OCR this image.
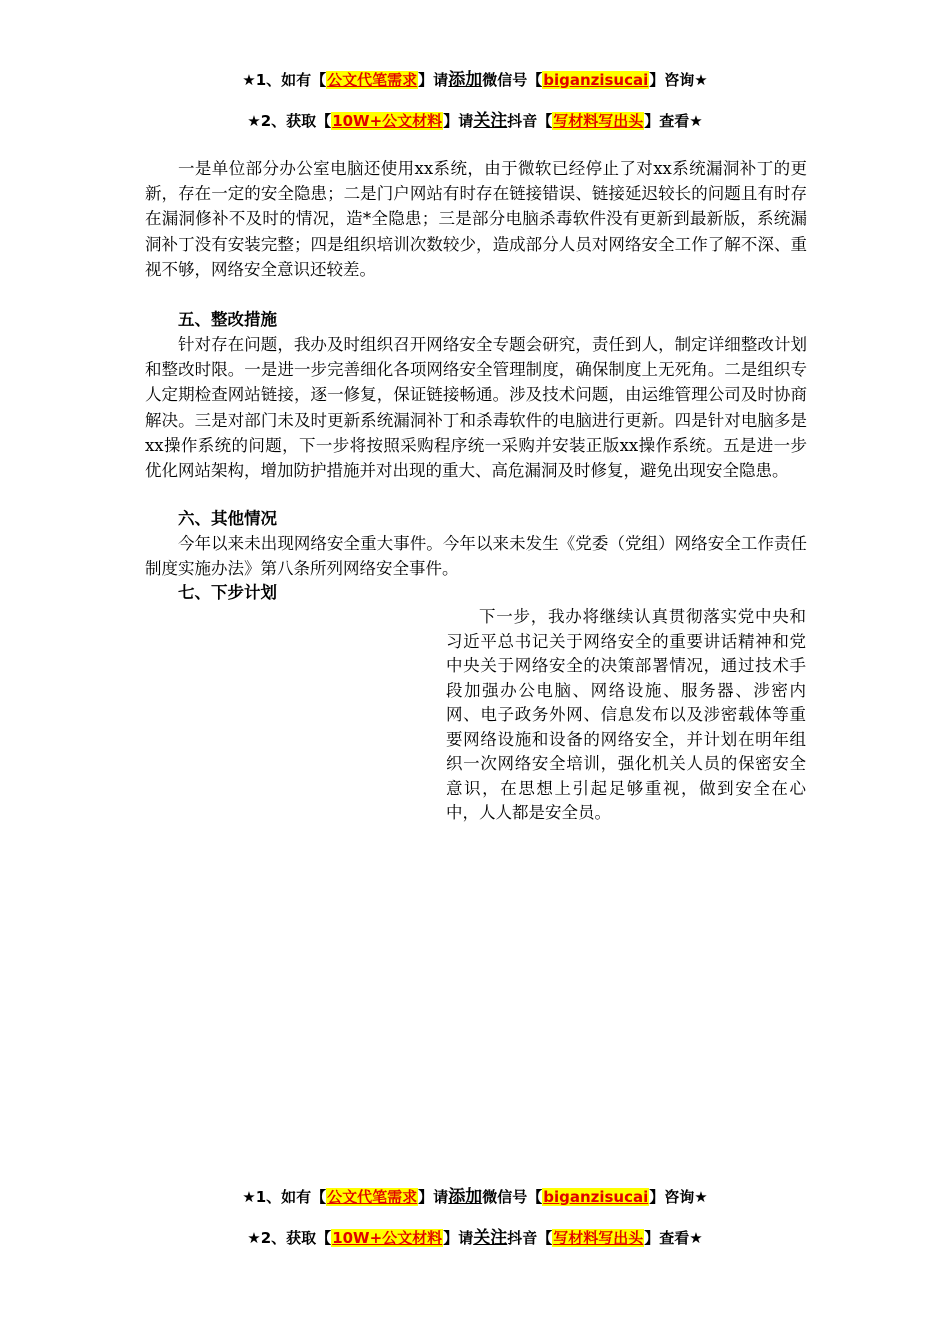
★1、如有【公文代笔需求】请添加微信号【biganzisucai】咨询★
★2、获取【10W+公文材料】请关注抖音【写材料写出头】查看★

一是单位部分办公室电脑还使用xx系统，由于微软已经停止了对xx系统漏洞补丁的更新，存在一定的安全隐患；二是门户网站有时存在链接错误、链接延迟较长的问题且有时存在漏洞修补不及时的情况，造*全隐患；三是部分电脑杀毒软件没有更新到最新版，系统漏洞补丁没有安装完整；四是组织培训次数较少，造成部分人员对网络安全工作了解不深、重视不够，网络安全意识还较差。

五、整改措施

针对存在问题，我办及时组织召开网络安全专题会研究，责任到人，制定详细整改计划和整改时限。一是进一步完善细化各项网络安全管理制度，确保制度上无死角。二是组织专人定期检查网站链接，逐一修复，保证链接畅通。涉及技术问题，由运维管理公司及时协商解决。三是对部门未及时更新系统漏洞补丁和杀毒软件的电脑进行更新。四是针对电脑多是xx操作系统的问题，下一步将按照采购程序统一采购并安装正版xx操作系统。五是进一步优化网站架构，增加防护措施并对出现的重大、高危漏洞及时修复，避免出现安全隐患。

六、其他情况

今年以来未出现网络安全重大事件。今年以来未发生《党委（党组）网络安全工作责任制度实施办法》第八条所列网络安全事件。

七、下步计划

下一步，我办将继续认真贯彻落实党中央和习近平总书记关于网络安全的重要讲话精神和党中央关于网络安全的决策部署情况，通过技术手段加强办公电脑、网络设施、服务器、涉密内网、电子政务外网、信息发布以及涉密载体等重要网络设施和设备的网络安全，并计划在明年组织一次网络安全培训，强化机关人员的保密安全意识，在思想上引起足够重视，做到安全在心中，人人都是安全员。

★1、如有【公文代笔需求】请添加微信号【biganzisucai】咨询★
★2、获取【10W+公文材料】请关注抖音【写材料写出头】查看★
